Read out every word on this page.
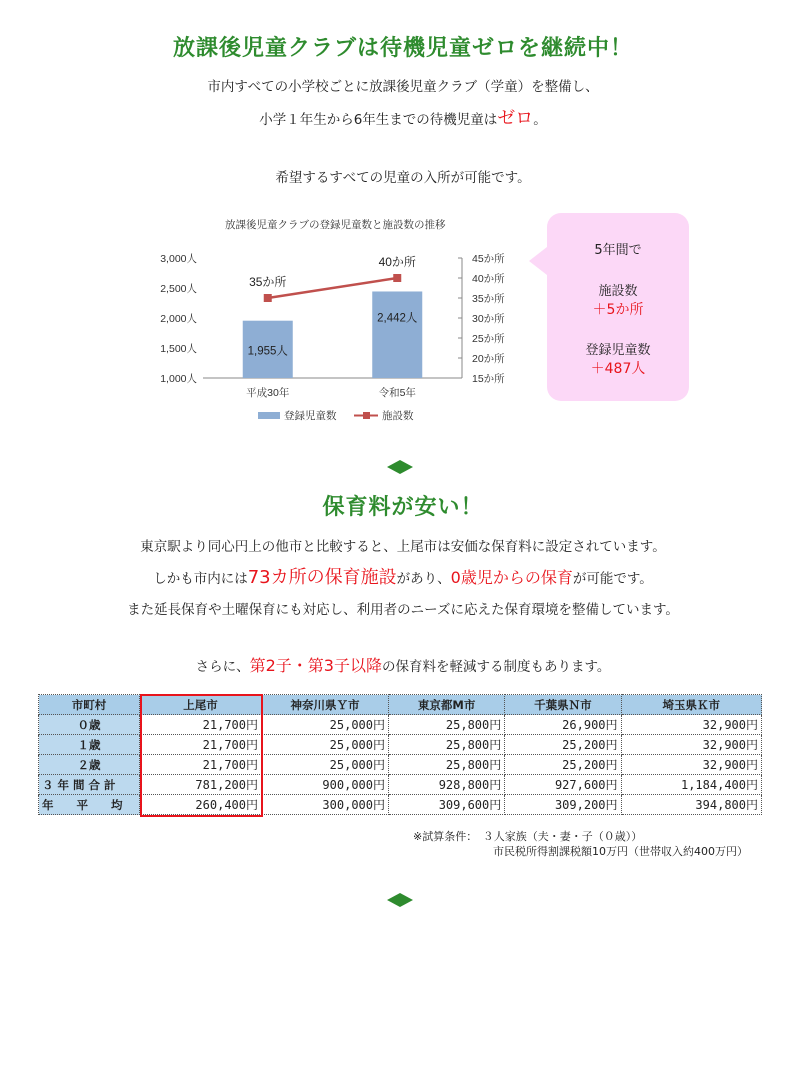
放課後児童クラブは待機児童ゼロを継続中！
市内すべての小学校ごとに放課後児童クラブ（学童）を整備し、
小学１年生から6年生までの待機児童はゼロ。
希望するすべての児童の入所が可能です。
放課後児童クラブの登録児童数と施設数の推移
1,000人
1,500人
2,000人
2,500人
3,000人
15か所
20か所
25か所
30か所
35か所
40か所
45か所
1,955人
平成30年
2,442人
令和5年
35か所
40か所
登録児童数	施設数
5年間で
施設数
＋5か所
登録児童数
＋487人
保育料が安い！
東京駅より同心円上の他市と比較すると、上尾市は安価な保育料に設定されています。
しかも市内には73カ所の保育施設があり、0歳児からの保育が可能です。
また延長保育や土曜保育にも対応し、利用者のニーズに応えた保育環境を整備しています。
さらに、第2子・第3子以降の保育料を軽減する制度もあります。
市町村	上尾市	神奈川県Ｙ市	東京都M市	千葉県Ｎ市	埼玉県Ｋ市
０歳	21,700円	25,000円	25,800円	26,900円	32,900円
１歳	21,700円	25,000円	25,800円	25,200円	32,900円
２歳	21,700円	25,000円	25,800円	25,200円	32,900円
３ 年 間 合 計	781,200円	900,000円	928,800円	927,600円	1,184,400円
年　　平　　均	260,400円	300,000円	309,600円	309,200円	394,800円
※試算条件：　３人家族（夫・妻・子（０歳））
市民税所得割課税額10万円（世帯収入約400万円）
